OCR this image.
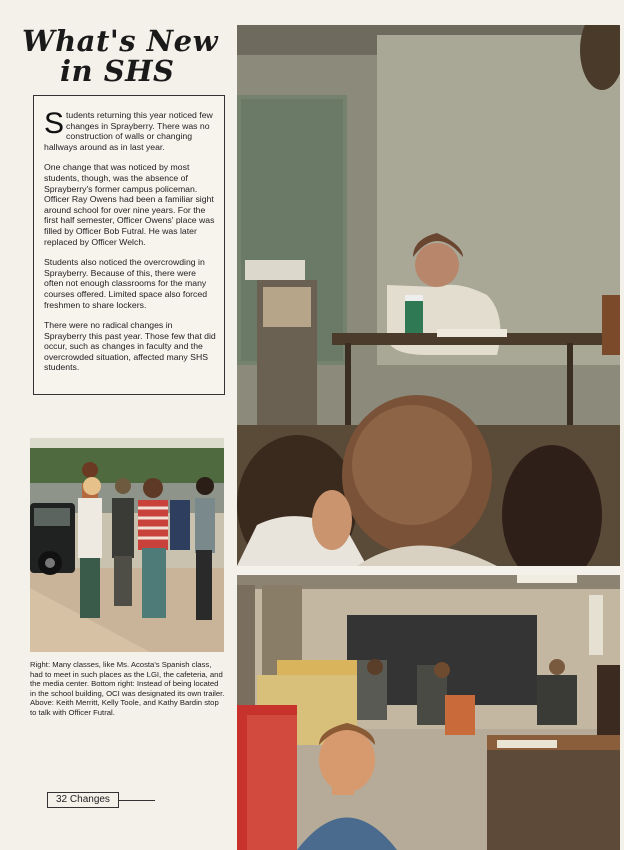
What's New
in SHS

Students returning this year noticed few changes in Sprayberry. There was no construction of walls or changing hallways around as in last year.

One change that was noticed by most students, though, was the absence of Sprayberry's former campus policeman. Officer Ray Owens had been a familiar sight around school for over nine years. For the first half semester, Officer Owens' place was filled by Officer Bob Futral. He was later replaced by Officer Welch.

Students also noticed the overcrowding in Sprayberry. Because of this, there were often not enough classrooms for the many courses offered. Limited space also forced freshmen to share lockers.

There were no radical changes in Sprayberry this past year. Those few that did occur, such as changes in faculty and the overcrowded situation, affected many SHS students.

Right: Many classes, like Ms. Acosta's Spanish class, had to meet in such places as the LGI, the cafeteria, and the media center. Bottom right: Instead of being located in the school building, OCI was designated its own trailer. Above: Keith Merritt, Kelly Toole, and Kathy Bardin stop to talk with Officer Futral.
32 Changes
